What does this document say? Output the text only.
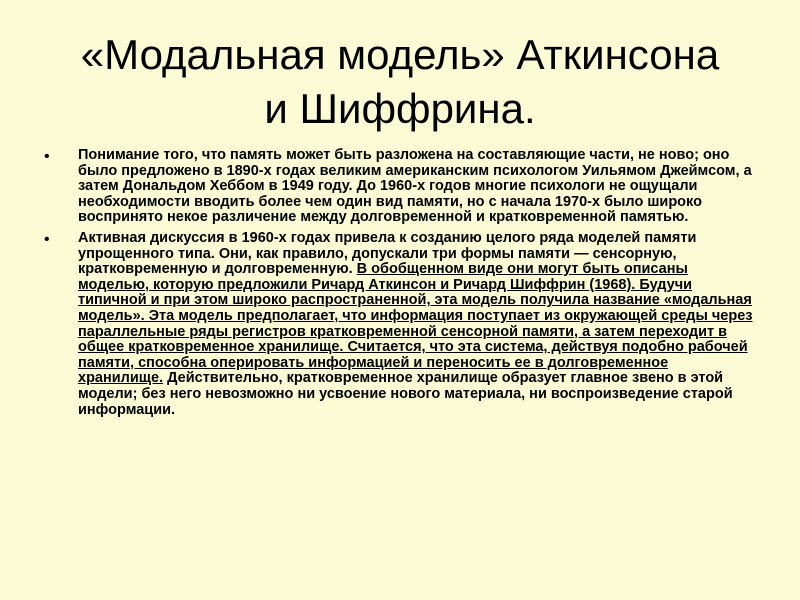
«Модальная модель» Аткинсона
и Шиффрина.
• Понимание того, что память может быть разложена на составляющие части, не ново; оно было предложено в 1890-х годах великим американским психологом Уильямом Джеймсом, а затем Дональдом Хеббом в 1949 году. До 1960-х годов многие психологи не ощущали необходимости вводить более чем один вид памяти, но с начала 1970-х было широко воспринято некое различение между долговременной и кратковременной памятью.
• Активная дискуссия в 1960-х годах привела к созданию целого ряда моделей памяти упрощенного типа. Они, как правило, допускали три формы памяти — сенсорную, кратковременную и долговременную. В обобщенном виде они могут быть описаны моделью, которую предложили Ричард Аткинсон и Ричард Шиффрин (1968). Будучи типичной и при этом широко распространенной, эта модель получила название «модальная модель». Эта модель предполагает, что информация поступает из окружающей среды через параллельные ряды регистров кратковременной сенсорной памяти, а затем переходит в общее кратковременное хранилище. Считается, что эта система, действуя подобно рабочей памяти, способна оперировать информацией и переносить ее в долговременное хранилище. Действительно, кратковременное хранилище образует главное звено в этой модели; без него невозможно ни усвоение нового материала, ни воспроизведение старой информации.
